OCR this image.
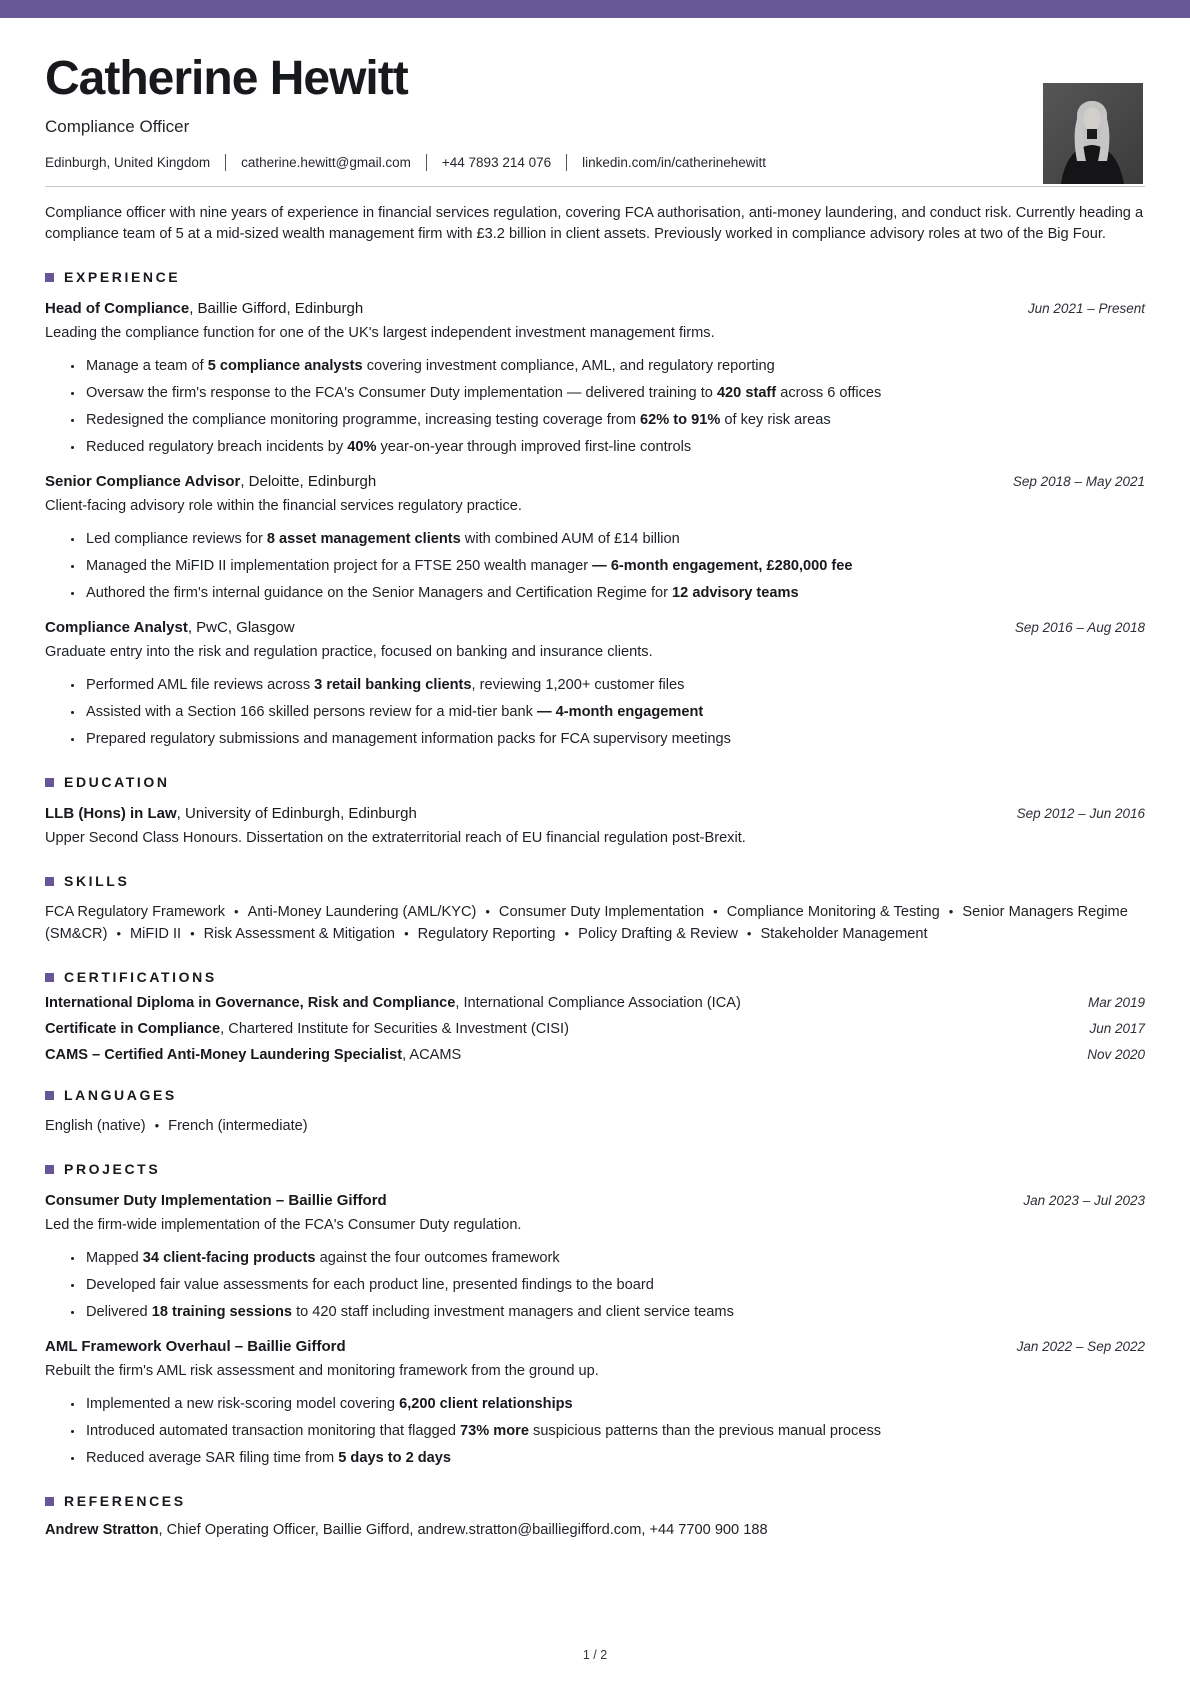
Catherine Hewitt
Compliance Officer
Edinburgh, United Kingdom catherine.hewitt@gmail.com +44 7893 214 076 linkedin.com/in/catherinehewitt

Compliance officer with nine years of experience in financial services regulation, covering FCA authorisation, anti-money laundering, and conduct risk. Currently heading a compliance team of 5 at a mid-sized wealth management firm with £3.2 billion in client assets. Previously worked in compliance advisory roles at two of the Big Four.

EXPERIENCE
Head of Compliance, Baillie Gifford, Edinburgh	Jun 2021 – Present
Leading the compliance function for one of the UK's largest independent investment management firms.
• Manage a team of 5 compliance analysts covering investment compliance, AML, and regulatory reporting
• Oversaw the firm's response to the FCA's Consumer Duty implementation — delivered training to 420 staff across 6 offices
• Redesigned the compliance monitoring programme, increasing testing coverage from 62% to 91% of key risk areas
• Reduced regulatory breach incidents by 40% year-on-year through improved first-line controls
Senior Compliance Advisor, Deloitte, Edinburgh	Sep 2018 – May 2021
Client-facing advisory role within the financial services regulatory practice.
• Led compliance reviews for 8 asset management clients with combined AUM of £14 billion
• Managed the MiFID II implementation project for a FTSE 250 wealth manager — 6-month engagement, £280,000 fee
• Authored the firm's internal guidance on the Senior Managers and Certification Regime for 12 advisory teams
Compliance Analyst, PwC, Glasgow	Sep 2016 – Aug 2018
Graduate entry into the risk and regulation practice, focused on banking and insurance clients.
• Performed AML file reviews across 3 retail banking clients, reviewing 1,200+ customer files
• Assisted with a Section 166 skilled persons review for a mid-tier bank — 4-month engagement
• Prepared regulatory submissions and management information packs for FCA supervisory meetings
EDUCATION
LLB (Hons) in Law, University of Edinburgh, Edinburgh	Sep 2012 – Jun 2016
Upper Second Class Honours. Dissertation on the extraterritorial reach of EU financial regulation post-Brexit.
SKILLS
FCA Regulatory Framework • Anti-Money Laundering (AML/KYC) • Consumer Duty Implementation • Compliance Monitoring & Testing • Senior Managers Regime (SM&CR) • MiFID II • Risk Assessment & Mitigation • Regulatory Reporting • Policy Drafting & Review • Stakeholder Management
CERTIFICATIONS
International Diploma in Governance, Risk and Compliance, International Compliance Association (ICA)	Mar 2019
Certificate in Compliance, Chartered Institute for Securities & Investment (CISI)	Jun 2017
CAMS – Certified Anti-Money Laundering Specialist, ACAMS	Nov 2020
LANGUAGES
English (native) • French (intermediate)
PROJECTS
Consumer Duty Implementation – Baillie Gifford	Jan 2023 – Jul 2023
Led the firm-wide implementation of the FCA's Consumer Duty regulation.
• Mapped 34 client-facing products against the four outcomes framework
• Developed fair value assessments for each product line, presented findings to the board
• Delivered 18 training sessions to 420 staff including investment managers and client service teams
AML Framework Overhaul – Baillie Gifford	Jan 2022 – Sep 2022
Rebuilt the firm's AML risk assessment and monitoring framework from the ground up.
• Implemented a new risk-scoring model covering 6,200 client relationships
• Introduced automated transaction monitoring that flagged 73% more suspicious patterns than the previous manual process
• Reduced average SAR filing time from 5 days to 2 days
REFERENCES
Andrew Stratton, Chief Operating Officer, Baillie Gifford, andrew.stratton@bailliegifford.com, +44 7700 900 188
1 / 2
